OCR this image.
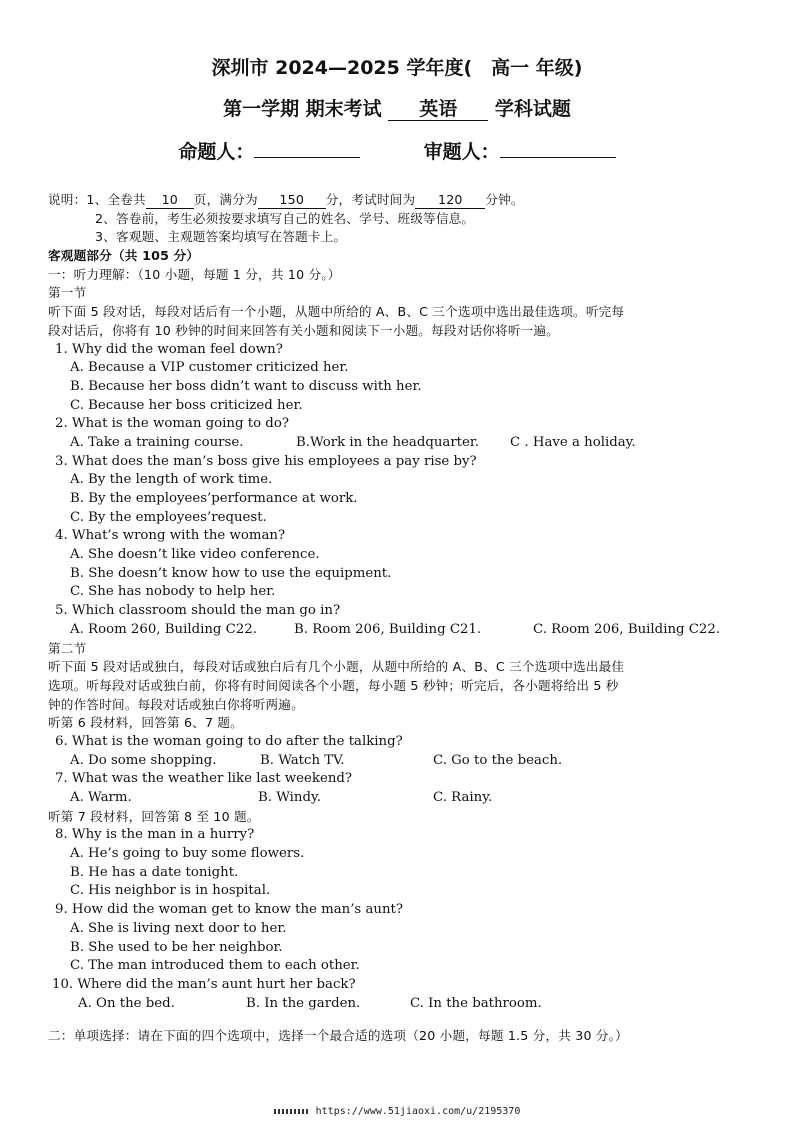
深圳市 2024—2025 学年度(　高一 年级)
第一学期 期末考试 英语 学科试题
命题人：	审题人：
说明：1、全卷共 10 页，满分为 150 分，考试时间为 120 分钟。
2、答卷前，考生必须按要求填写自己的姓名、学号、班级等信息。
3、客观题、主观题答案均填写在答题卡上。
客观题部分（共 105 分）
一：听力理解：（10 小题，每题 1 分，共 10 分。）
第一节
听下面 5 段对话，每段对话后有一个小题，从题中所给的 A、B、C 三个选项中选出最佳选项。听完每
段对话后，你将有 10 秒钟的时间来回答有关小题和阅读下一小题。每段对话你将听一遍。
1. Why did the woman feel down?
A. Because a VIP customer criticized her.
B. Because her boss didn’t want to discuss with her.
C. Because her boss criticized her.
2. What is the woman going to do?
A. Take a training course.	B.Work in the headquarter. C . Have a holiday.
3. What does the man’s boss give his employees a pay rise by?
A. By the length of work time.
B. By the employees’performance at work.
C. By the employees’request.
4. What’s wrong with the woman?
A. She doesn’t like video conference.
B. She doesn’t know how to use the equipment.
C. She has nobody to help her.
5. Which classroom should the man go in?
A. Room 260, Building C22.	B. Room 206, Building C21.	C. Room 206, Building C22.
第二节
听下面 5 段对话或独白，每段对话或独白后有几个小题，从题中所给的 A、B、C 三个选项中选出最佳
选项。听每段对话或独白前，你将有时间阅读各个小题，每小题 5 秒钟；听完后，各小题将给出 5 秒
钟的作答时间。每段对话或独白你将听两遍。
听第 6 段材料，回答第 6、7 题。
6. What is the woman going to do after the talking?
A. Do some shopping.	B. Watch TV.	C. Go to the beach.
7. What was the weather like last weekend?
A. Warm.	B. Windy.	C. Rainy.
听第 7 段材料，回答第 8 至 10 题。
8. Why is the man in a hurry?
A. He’s going to buy some flowers.
B. He has a date tonight.
C. His neighbor is in hospital.
9. How did the woman get to know the man’s aunt?
A. She is living next door to her.
B. She used to be her neighbor.
C. The man introduced them to each other.
10. Where did the man’s aunt hurt her back?
A. On the bed.	B. In the garden.	C. In the bathroom.
二：单项选择：请在下面的四个选项中，选择一个最合适的选项（20 小题，每题 1.5 分，共 30 分。）
https://www.51jiaoxi.com/u/2195370
